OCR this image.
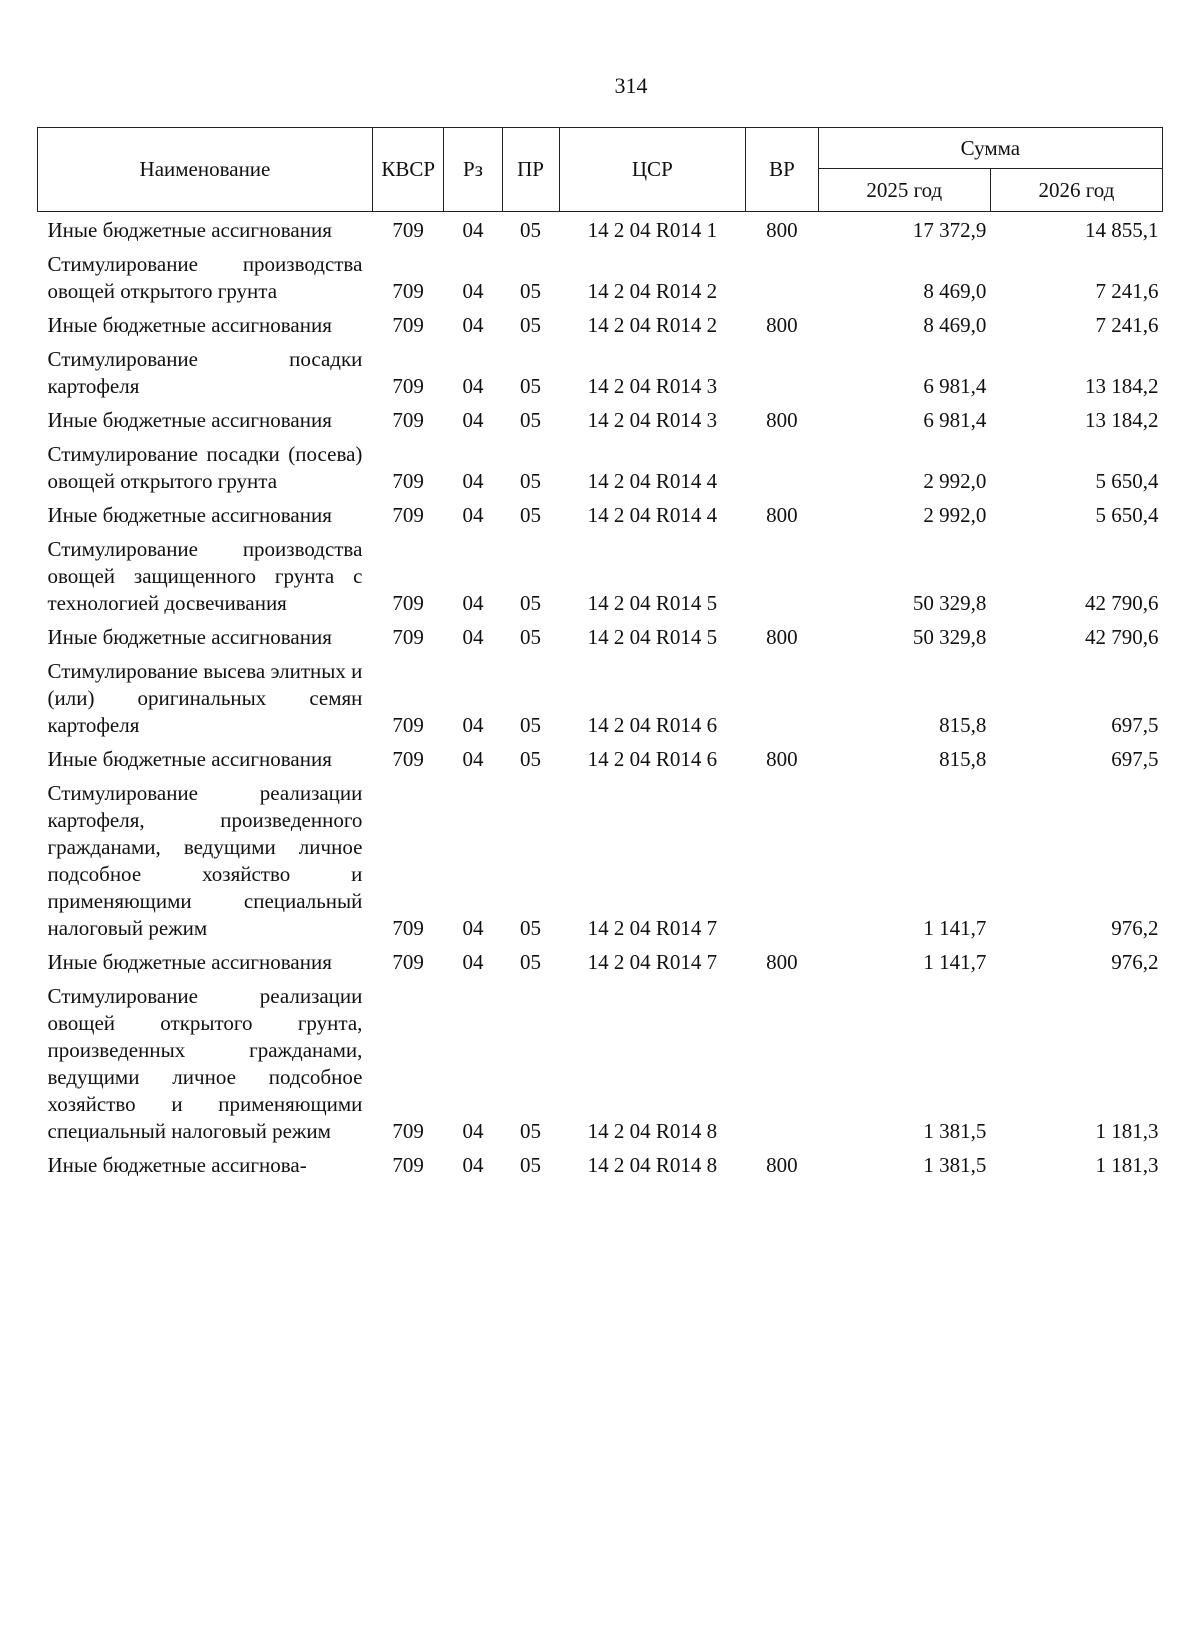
314
Наименование	КВСР	Рз	ПР	ЦСР	ВР	Сумма	
						2025 год	2026 год
Иные бюджетные ассигнования	709	04	05	14 2 04 R014 1	800	17 372,9	14 855,1
Стимулирование производства овощей открытого грунта	709	04	05	14 2 04 R014 2		8 469,0	7 241,6
Иные бюджетные ассигнования	709	04	05	14 2 04 R014 2	800	8 469,0	7 241,6
Стимулирование посадки картофеля	709	04	05	14 2 04 R014 3		6 981,4	13 184,2
Иные бюджетные ассигнования	709	04	05	14 2 04 R014 3	800	6 981,4	13 184,2
Стимулирование посадки (посева) овощей открытого грунта	709	04	05	14 2 04 R014 4		2 992,0	5 650,4
Иные бюджетные ассигнования	709	04	05	14 2 04 R014 4	800	2 992,0	5 650,4
Стимулирование производства овощей защищенного грунта с технологией досвечивания	709	04	05	14 2 04 R014 5		50 329,8	42 790,6
Иные бюджетные ассигнования	709	04	05	14 2 04 R014 5	800	50 329,8	42 790,6
Стимулирование высева элитных и (или) оригинальных семян картофеля	709	04	05	14 2 04 R014 6		815,8	697,5
Иные бюджетные ассигнования	709	04	05	14 2 04 R014 6	800	815,8	697,5
Стимулирование реализации картофеля, произведенного гражданами, ведущими личное подсобное хозяйство и применяющими специальный налоговый режим	709	04	05	14 2 04 R014 7		1 141,7	976,2
Иные бюджетные ассигнования	709	04	05	14 2 04 R014 7	800	1 141,7	976,2
Стимулирование реализации овощей открытого грунта, произведенных гражданами, ведущими личное подсобное хозяйство и применяющими специальный налоговый режим	709	04	05	14 2 04 R014 8		1 381,5	1 181,3
Иные бюджетные ассигнова-	709	04	05	14 2 04 R014 8	800	1 381,5	1 181,3
